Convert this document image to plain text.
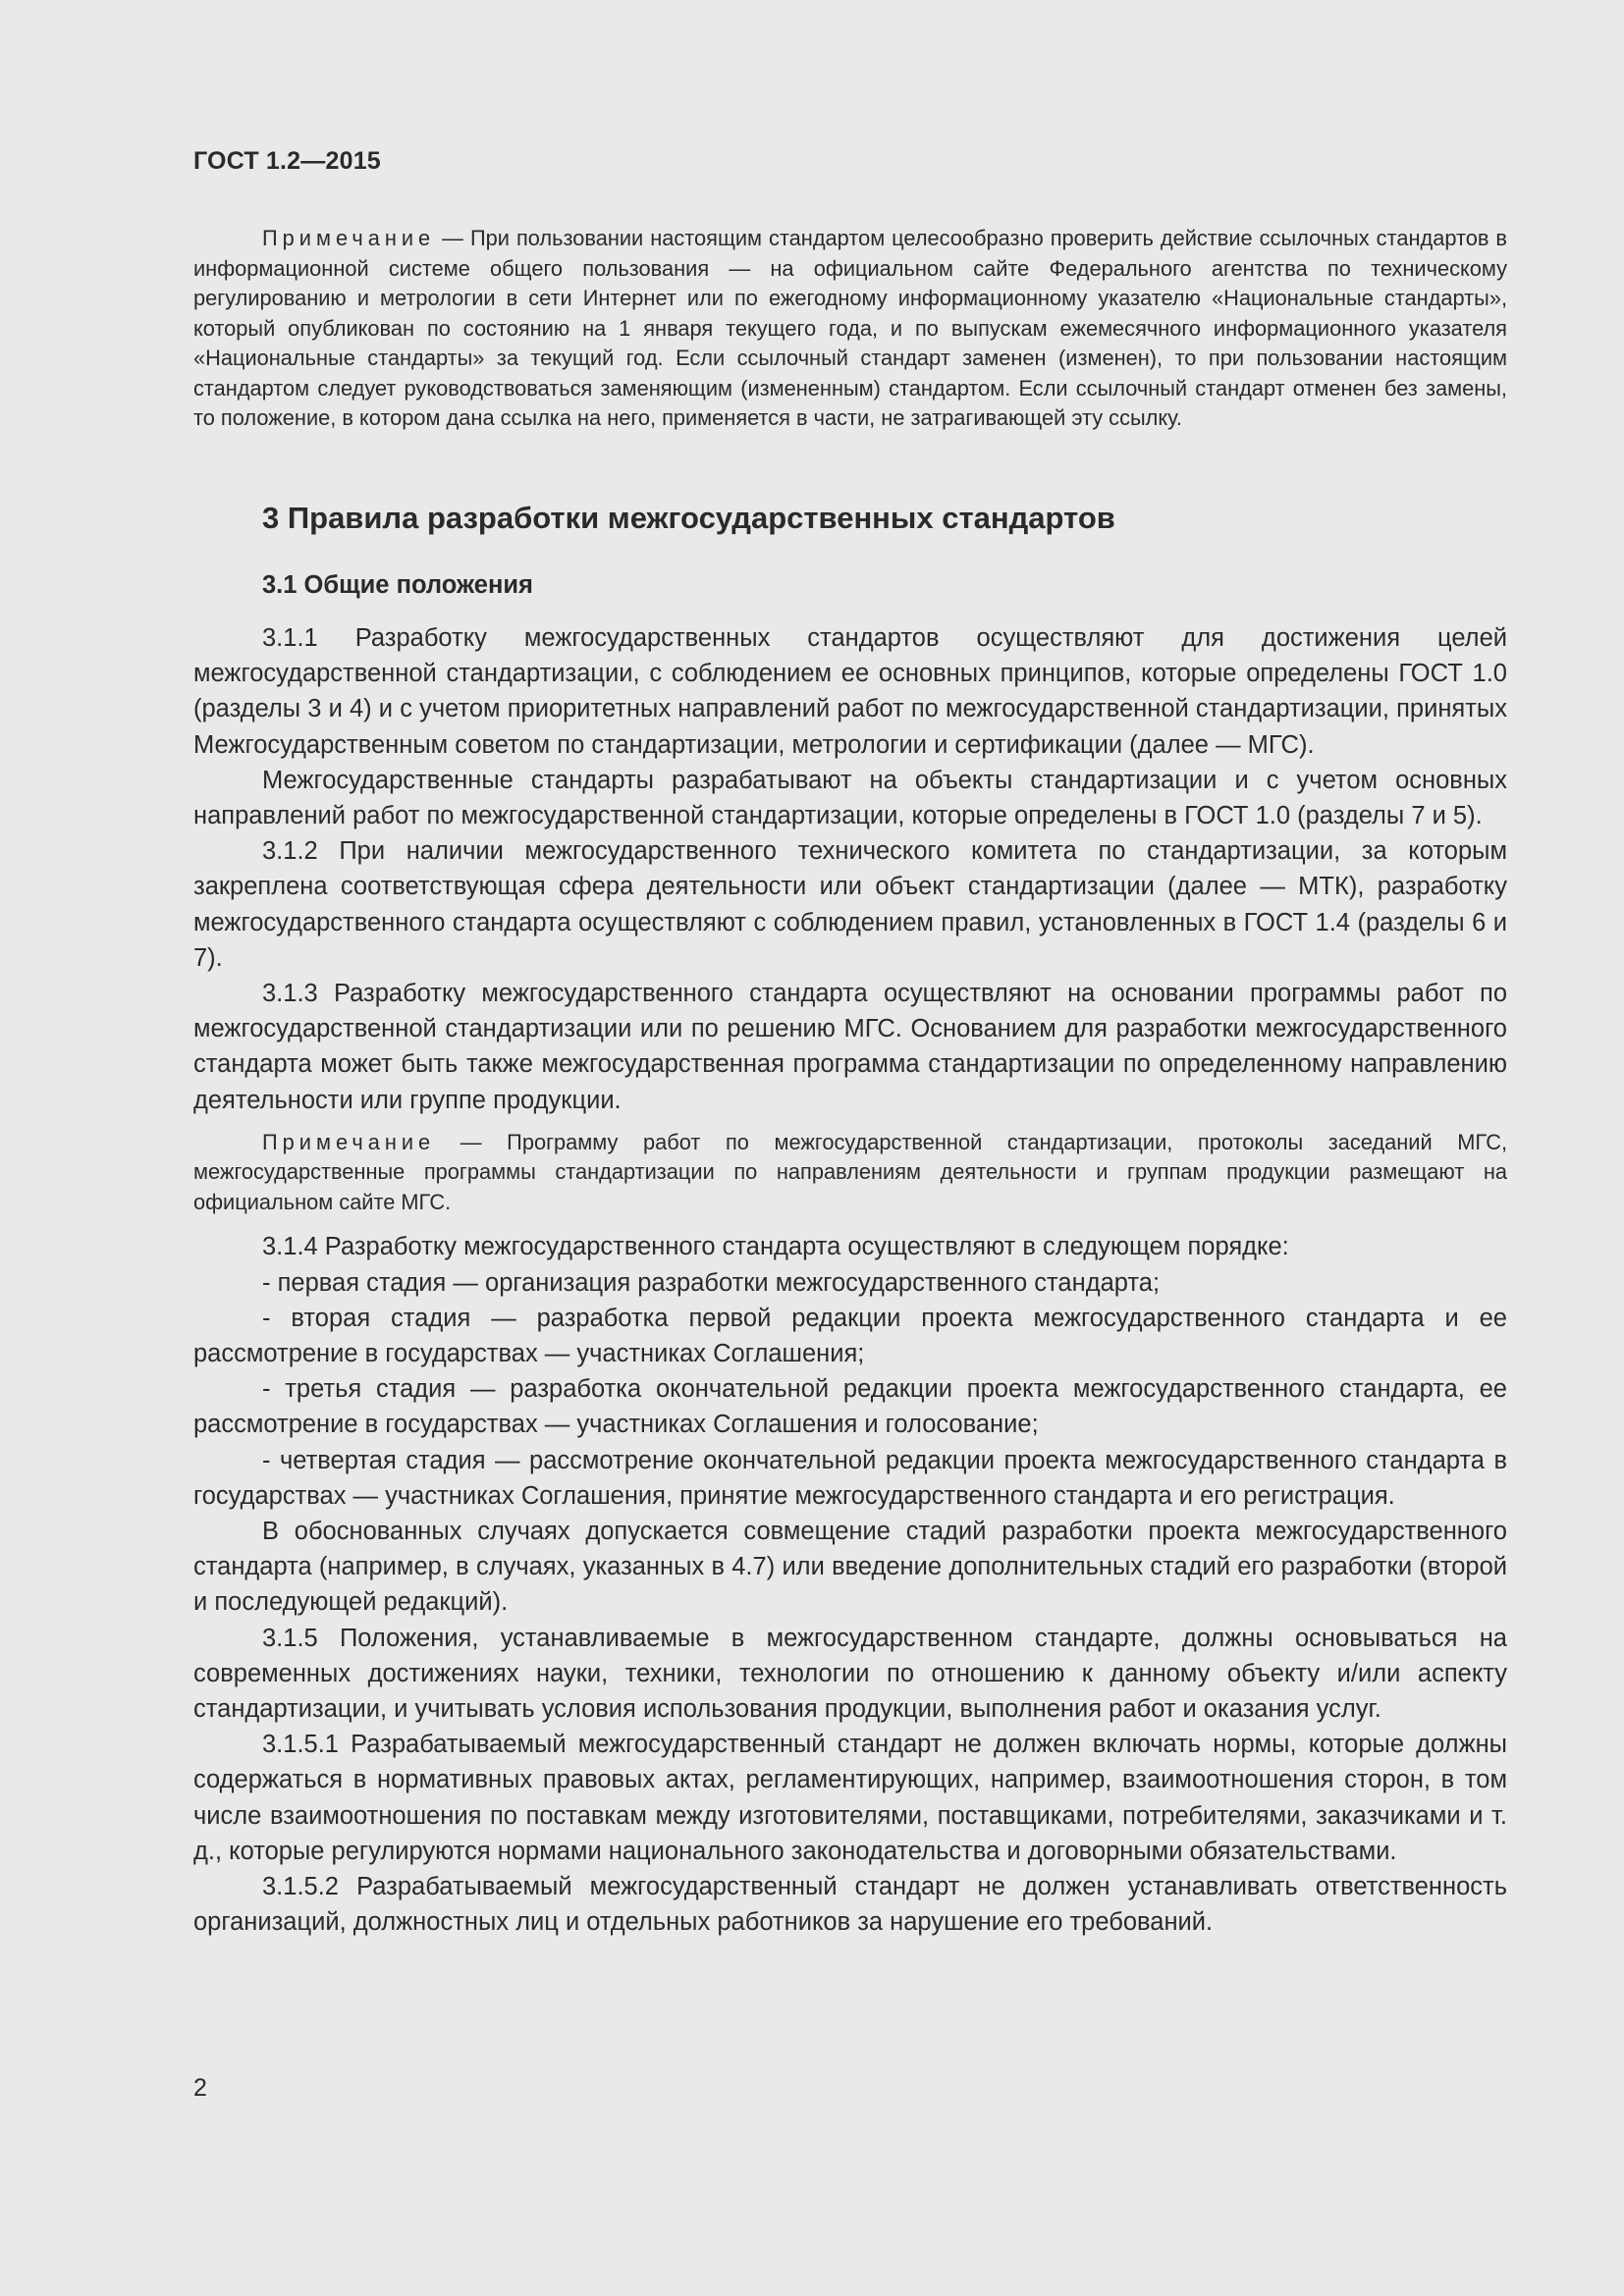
ГОСТ 1.2—2015

Примечание — При пользовании настоящим стандартом целесообразно проверить действие ссылочных стандартов в информационной системе общего пользования — на официальном сайте Федерального агентства по техническому регулированию и метрологии в сети Интернет или по ежегодному информационному указателю «Национальные стандарты», который опубликован по состоянию на 1 января текущего года, и по выпускам ежемесячного информационного указателя «Национальные стандарты» за текущий год. Если ссылочный стандарт заменен (изменен), то при пользовании настоящим стандартом следует руководствоваться заменяющим (измененным) стандартом. Если ссылочный стандарт отменен без замены, то положение, в котором дана ссылка на него, применяется в части, не затрагивающей эту ссылку.

3 Правила разработки межгосударственных стандартов
3.1 Общие положения

3.1.1 Разработку межгосударственных стандартов осуществляют для достижения целей межгосударственной стандартизации, с соблюдением ее основных принципов, которые определены ГОСТ 1.0 (разделы 3 и 4) и с учетом приоритетных направлений работ по межгосударственной стандартизации, принятых Межгосударственным советом по стандартизации, метрологии и сертификации (далее — МГС).

Межгосударственные стандарты разрабатывают на объекты стандартизации и с учетом основных направлений работ по межгосударственной стандартизации, которые определены в ГОСТ 1.0 (разделы 7 и 5).

3.1.2 При наличии межгосударственного технического комитета по стандартизации, за которым закреплена соответствующая сфера деятельности или объект стандартизации (далее — МТК), разработку межгосударственного стандарта осуществляют с соблюдением правил, установленных в ГОСТ 1.4 (разделы 6 и 7).

3.1.3 Разработку межгосударственного стандарта осуществляют на основании программы работ по межгосударственной стандартизации или по решению МГС. Основанием для разработки межгосударственного стандарта может быть также межгосударственная программа стандартизации по определенному направлению деятельности или группе продукции.

Примечание — Программу работ по межгосударственной стандартизации, протоколы заседаний МГС, межгосударственные программы стандартизации по направлениям деятельности и группам продукции размещают на официальном сайте МГС.

3.1.4 Разработку межгосударственного стандарта осуществляют в следующем порядке:

- первая стадия — организация разработки межгосударственного стандарта;

- вторая стадия — разработка первой редакции проекта межгосударственного стандарта и ее рассмотрение в государствах — участниках Соглашения;

- третья стадия — разработка окончательной редакции проекта межгосударственного стандарта, ее рассмотрение в государствах — участниках Соглашения и голосование;

- четвертая стадия — рассмотрение окончательной редакции проекта межгосударственного стандарта в государствах — участниках Соглашения, принятие межгосударственного стандарта и его регистрация.

В обоснованных случаях допускается совмещение стадий разработки проекта межгосударственного стандарта (например, в случаях, указанных в 4.7) или введение дополнительных стадий его разработки (второй и последующей редакций).

3.1.5 Положения, устанавливаемые в межгосударственном стандарте, должны основываться на современных достижениях науки, техники, технологии по отношению к данному объекту и/или аспекту стандартизации, и учитывать условия использования продукции, выполнения работ и оказания услуг.

3.1.5.1 Разрабатываемый межгосударственный стандарт не должен включать нормы, которые должны содержаться в нормативных правовых актах, регламентирующих, например, взаимоотношения сторон, в том числе взаимоотношения по поставкам между изготовителями, поставщиками, потребителями, заказчиками и т. д., которые регулируются нормами национального законодательства и договорными обязательствами.

3.1.5.2 Разрабатываемый межгосударственный стандарт не должен устанавливать ответственность организаций, должностных лиц и отдельных работников за нарушение его требований.

2
